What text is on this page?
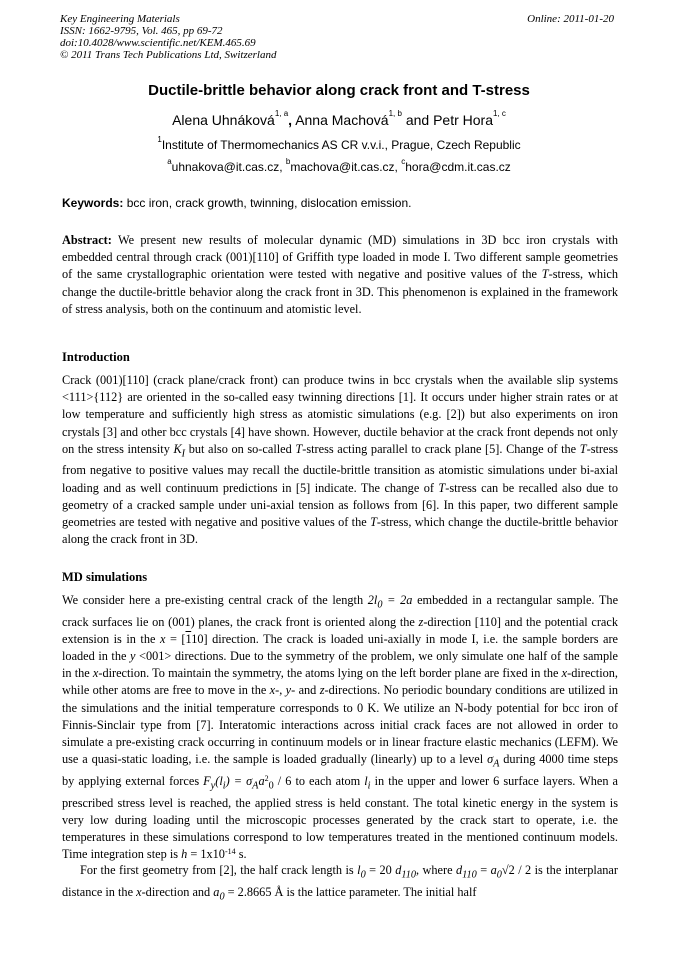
Key Engineering Materials
ISSN: 1662-9795, Vol. 465, pp 69-72
doi:10.4028/www.scientific.net/KEM.465.69
© 2011 Trans Tech Publications Ltd, Switzerland
Online: 2011-01-20
Ductile-brittle behavior along crack front and T-stress
Alena Uhnáková$^{1, a}$, Anna Machová$^{1, b}$ and Petr Hora$^{1, c}$
$^1$Institute of Thermomechanics AS CR v.v.i., Prague, Czech Republic
$^a$uhnakova@it.cas.cz, $^b$machova@it.cas.cz, $^c$hora@cdm.it.cas.cz
Keywords: bcc iron, crack growth, twinning, dislocation emission.
Abstract: We present new results of molecular dynamic (MD) simulations in 3D bcc iron crystals with embedded central through crack (001)[110] of Griffith type loaded in mode I. Two different sample geometries of the same crystallographic orientation were tested with negative and positive values of the T-stress, which change the ductile-brittle behavior along the crack front in 3D. This phenomenon is explained in the framework of stress analysis, both on the continuum and atomistic level.
Introduction
Crack (001)[110] (crack plane/crack front) can produce twins in bcc crystals when the available slip systems <111>{112} are oriented in the so-called easy twinning directions [1]. It occurs under higher strain rates or at low temperature and sufficiently high stress as atomistic simulations (e.g. [2]) but also experiments on iron crystals [3] and other bcc crystals [4] have shown. However, ductile behavior at the crack front depends not only on the stress intensity $K_I$ but also on so-called T-stress acting parallel to crack plane [5]. Change of the T-stress from negative to positive values may recall the ductile-brittle transition as atomistic simulations under bi-axial loading and as well continuum predictions in [5] indicate. The change of T-stress can be recalled also due to geometry of a cracked sample under uni-axial tension as follows from [6]. In this paper, two different sample geometries are tested with negative and positive values of the T-stress, which change the ductile-brittle behavior along the crack front in 3D.
MD simulations
We consider here a pre-existing central crack of the length $2l_0 = 2a$ embedded in a rectangular sample. The crack surfaces lie on (001) planes, the crack front is oriented along the z-direction [110] and the potential crack extension is in the x = [110] direction. The crack is loaded uni-axially in mode I, i.e. the sample borders are loaded in the y <001> directions. Due to the symmetry of the problem, we only simulate one half of the sample in the x-direction. To maintain the symmetry, the atoms lying on the left border plane are fixed in the x-direction, while other atoms are free to move in the x-, y- and z-directions. No periodic boundary conditions are utilized in the simulations and the initial temperature corresponds to 0 K. We utilize an N-body potential for bcc iron of Finnis-Sinclair type from [7]. Interatomic interactions across initial crack faces are not allowed in order to simulate a pre-existing crack occurring in continuum models or in linear fracture elastic mechanics (LEFM). We use a quasi-static loading, i.e. the sample is loaded gradually (linearly) up to a level $\sigma_A$ during 4000 time steps by applying external forces $F_y(l_i) = \sigma_Aa^2_0 / 6$ to each atom $l_i$ in the upper and lower 6 surface layers. When a prescribed stress level is reached, the applied stress is held constant. The total kinetic energy in the system is very low during loading until the microscopic processes generated by the crack start to operate, i.e. the temperatures in these simulations correspond to low temperatures treated in the mentioned continuum models. Time integration step is $h = 1x10^{-14}$ s.
For the first geometry from [2], the half crack length is $l_0 = 20$ $d_{110}$, where $d_{110} = a_0√2 / 2$ is the interplanar distance in the x-direction and $a_0 = 2.8665$ Å is the lattice parameter. The initial half
